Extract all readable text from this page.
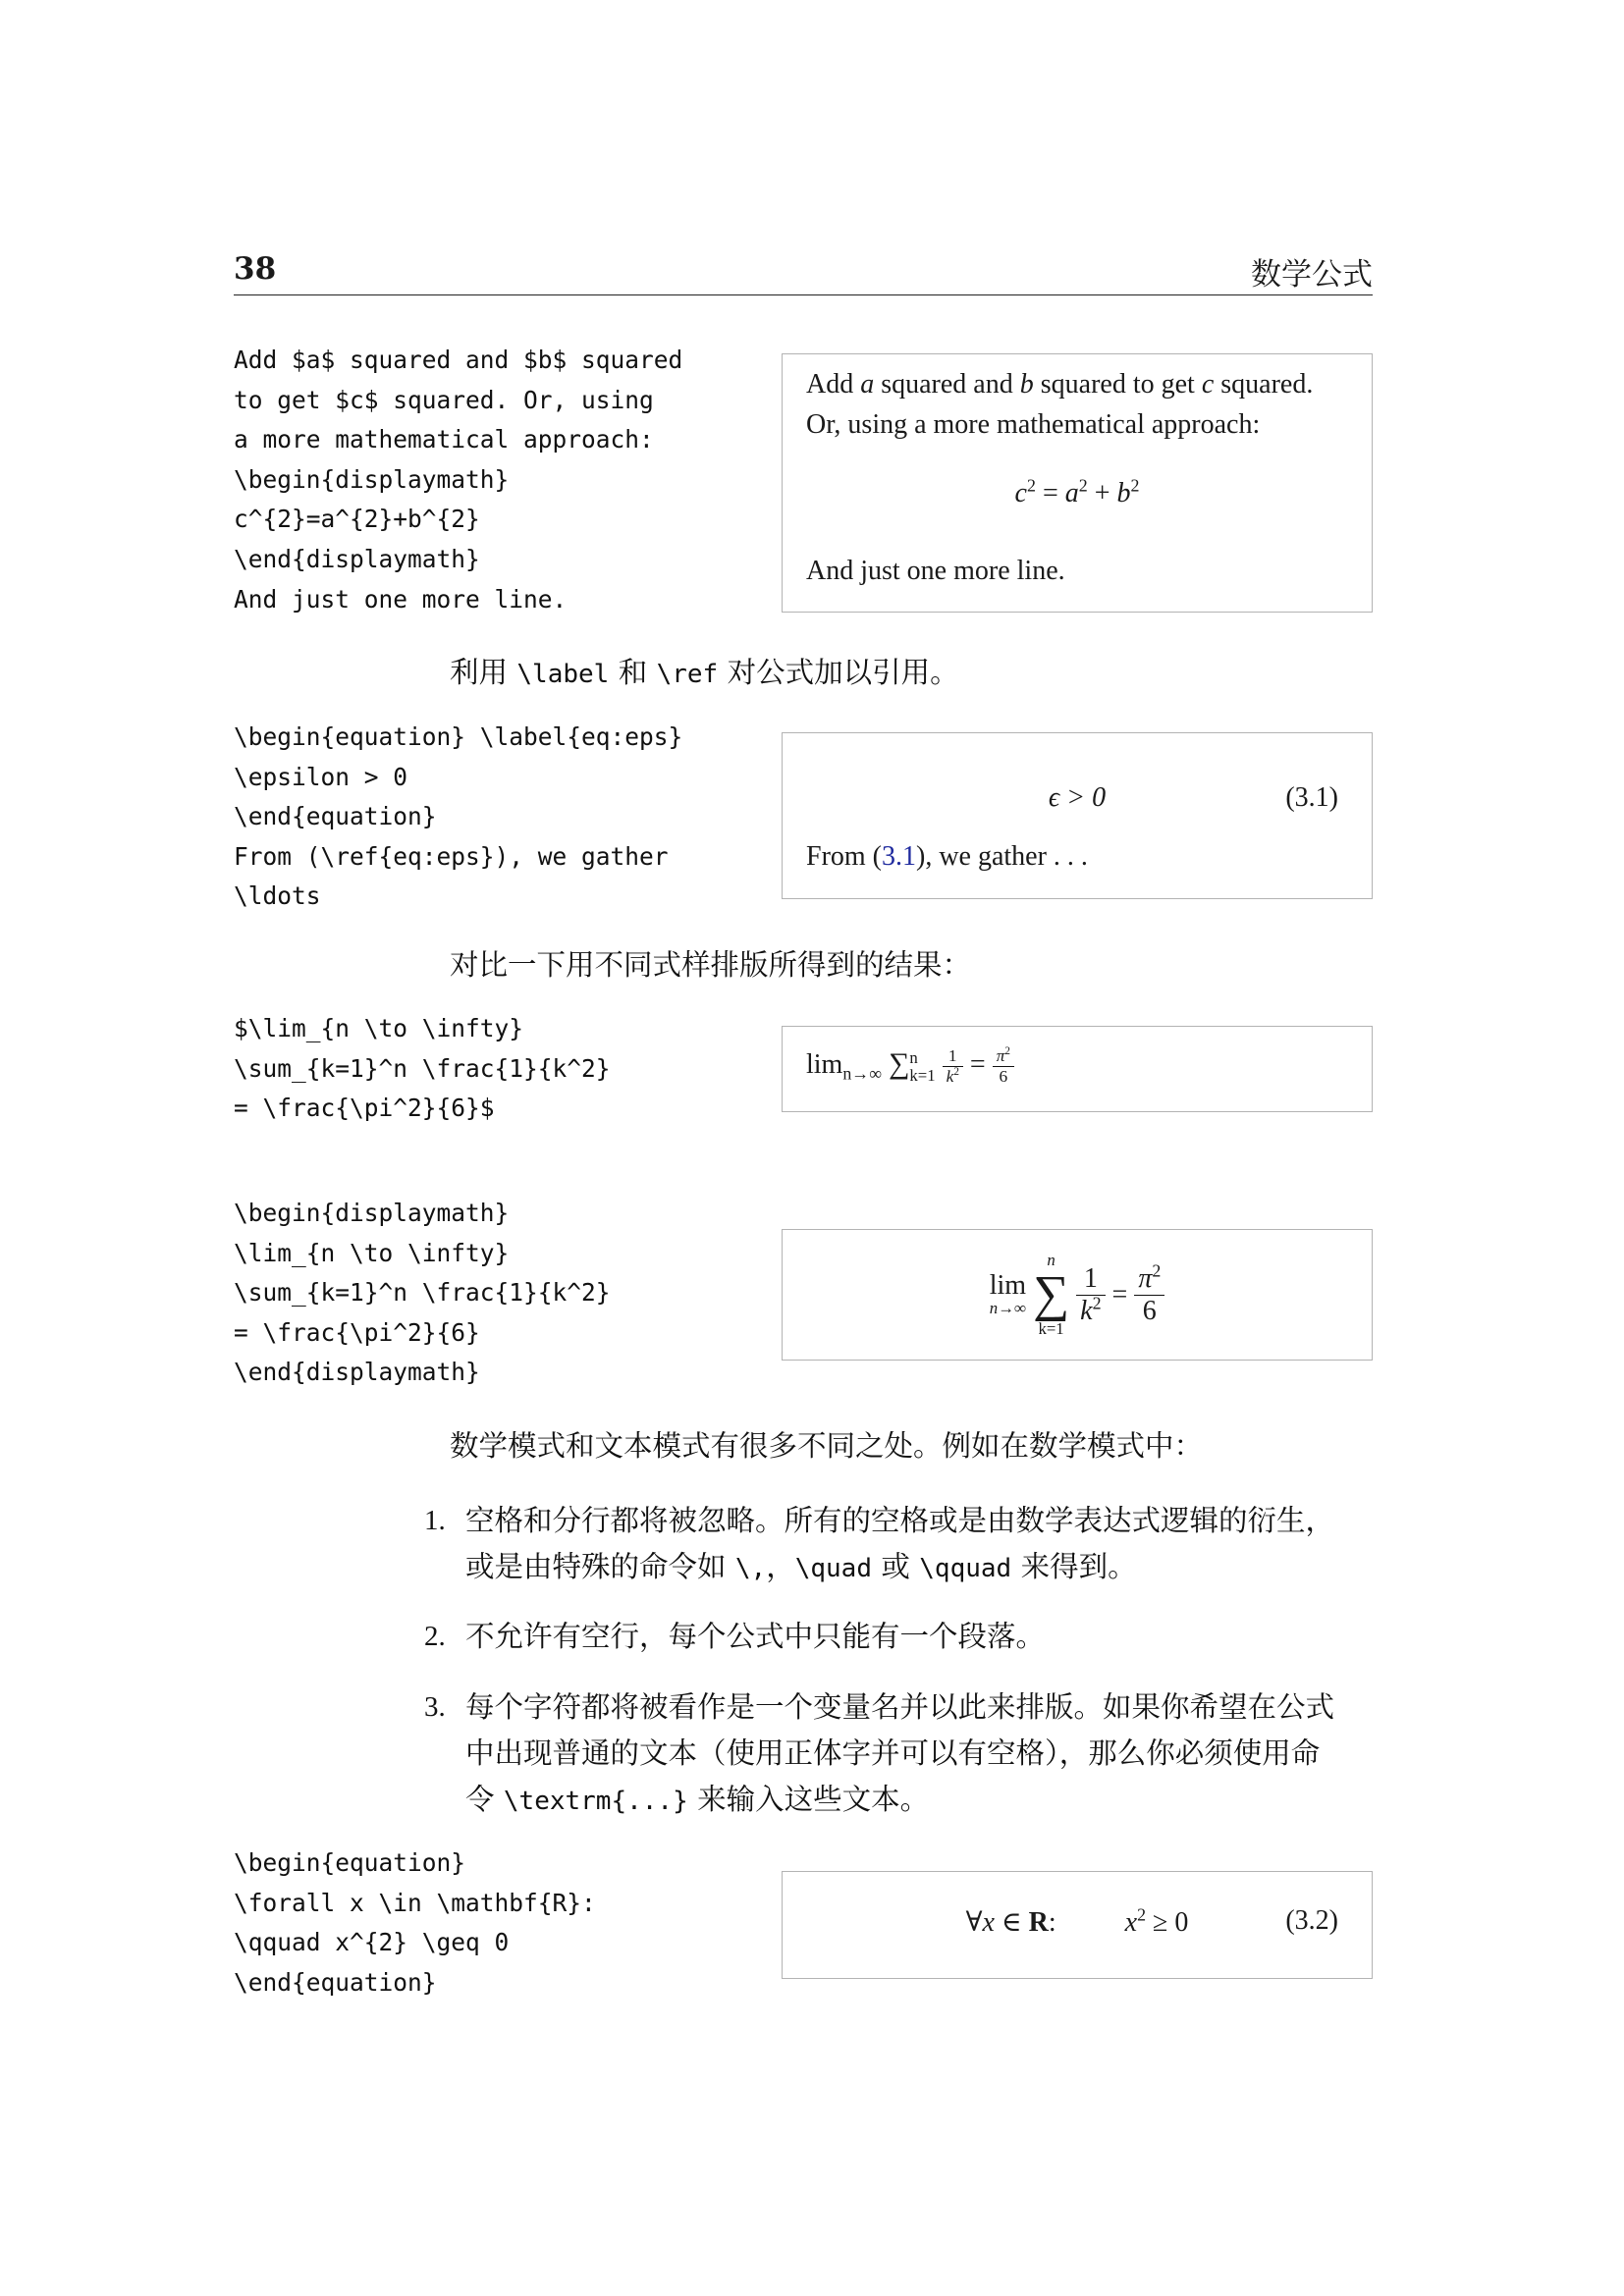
38	数学公式
Add $a$ squared and $b$ squared
to get $c$ squared. Or, using
a more mathematical approach:
\begin{displaymath}
c^{2}=a^{2}+b^{2}
\end{displaymath}
And just one more line.
Add a squared and b squared to get c squared.
Or, using a more mathematical approach:
$c^2 = a^2 + b^2$
And just one more line.
利用 \label 和 \ref 对公式加以引用。
\begin{equation} \label{eq:eps}
\epsilon > 0
\end{equation}
From (\ref{eq:eps}), we gather
\ldots
ϵ > 0	(3.1)
From (3.1), we gather . . .
对比一下用不同式样排版所得到的结果：
$\lim_{n \to \infty}
\sum_{k=1}^n \frac{1}{k^2}
= \frac{\pi^2}{6}$
$\lim_{n\to\infty}$ ∑ n
k=1
$\frac{1}{k^2} = \frac{\pi^2}{6}$
\begin{displaymath}
\lim_{n \to \infty}
\sum_{k=1}^n \frac{1}{k^2}
= \frac{\pi^2}{6}
\end{displaymath}
lim
n→∞

n
∑
k=1

$\frac{1}{k^2} = \frac{\pi^2}{6}$
数学模式和文本模式有很多不同之处。例如在数学模式中：
1. 空格和分行都将被忽略。所有的空格或是由数学表达式逻辑的衍生，
或是由特殊的命令如 \,，\quad 或 \qquad 来得到。
2. 不允许有空行，每个公式中只能有一个段落。
3. 每个字符都将被看作是一个变量名并以此来排版。如果你希望在公式
中出现普通的文本（使用正体字并可以有空格），那么你必须使用命
令 \textrm{...} 来输入这些文本。
\begin{equation}
\forall x \in \mathbf{R}:
\qquad x^{2} \geq 0
\end{equation}
∀x ∈ R:	$x^2 \ge 0$	(3.2)
